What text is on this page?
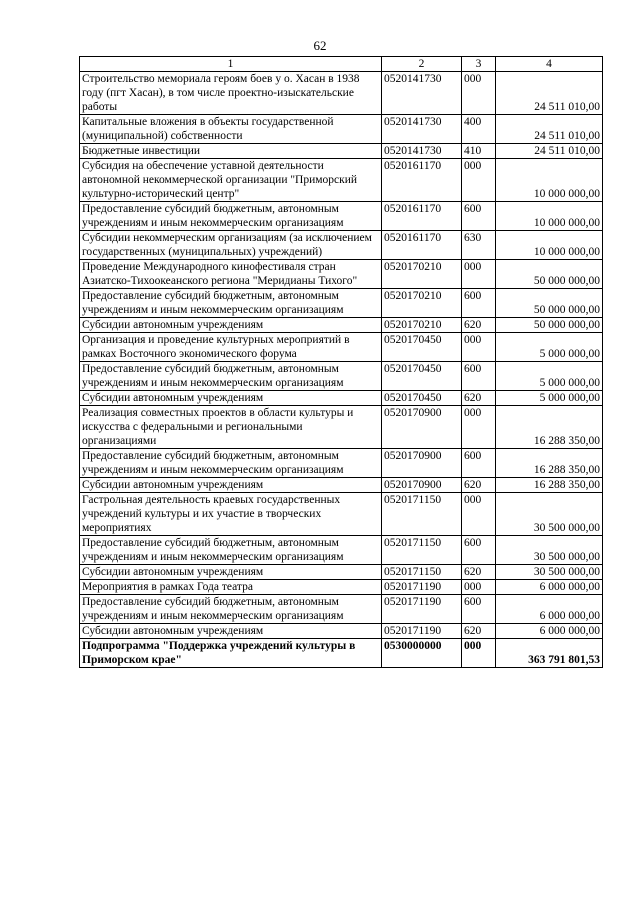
62
1	2	3	4
Строительство мемориала героям боев у о. Хасан в 1938 году (пгт Хасан), в том числе проектно-изыскательские работы	0520141730	000	24 511 010,00
Капитальные вложения в объекты государственной (муниципальной) собственности	0520141730	400	24 511 010,00
Бюджетные инвестиции	0520141730	410	24 511 010,00
Субсидия на обеспечение уставной деятельности автономной некоммерческой организации "Приморский культурно-исторический центр"	0520161170	000	10 000 000,00
Предоставление субсидий бюджетным, автономным учреждениям и иным некоммерческим организациям	0520161170	600	10 000 000,00
Субсидии некоммерческим организациям (за исключением государственных (муниципальных) учреждений)	0520161170	630	10 000 000,00
Проведение Международного кинофестиваля стран Азиатско-Тихоокеанского региона "Меридианы Тихого"	0520170210	000	50 000 000,00
Предоставление субсидий бюджетным, автономным учреждениям и иным некоммерческим организациям	0520170210	600	50 000 000,00
Субсидии автономным учреждениям	0520170210	620	50 000 000,00
Организация и проведение культурных мероприятий в рамках Восточного экономического форума	0520170450	000	5 000 000,00
Предоставление субсидий бюджетным, автономным учреждениям и иным некоммерческим организациям	0520170450	600	5 000 000,00
Субсидии автономным учреждениям	0520170450	620	5 000 000,00
Реализация совместных проектов в области культуры и искусства с федеральными и региональными организациями	0520170900	000	16 288 350,00
Предоставление субсидий бюджетным, автономным учреждениям и иным некоммерческим организациям	0520170900	600	16 288 350,00
Субсидии автономным учреждениям	0520170900	620	16 288 350,00
Гастрольная деятельность краевых государственных учреждений культуры и их участие в творческих мероприятиях	0520171150	000	30 500 000,00
Предоставление субсидий бюджетным, автономным учреждениям и иным некоммерческим организациям	0520171150	600	30 500 000,00
Субсидии автономным учреждениям	0520171150	620	30 500 000,00
Мероприятия в рамках Года театра	0520171190	000	6 000 000,00
Предоставление субсидий бюджетным, автономным учреждениям и иным некоммерческим организациям	0520171190	600	6 000 000,00
Субсидии автономным учреждениям	0520171190	620	6 000 000,00
Подпрограмма "Поддержка учреждений культуры в Приморском крае"	0530000000	000	363 791 801,53
